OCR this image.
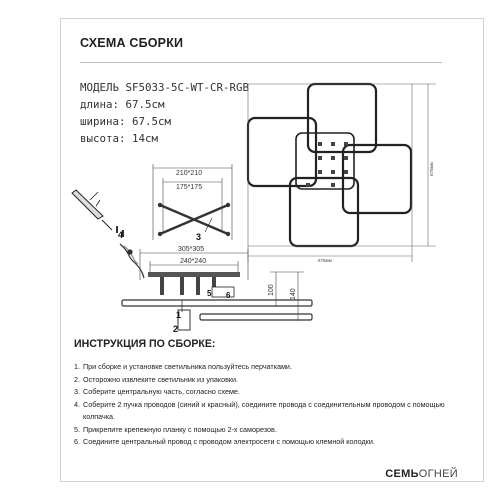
СХЕМА СБОРКИ
МОДЕЛЬ SF5033-5C-WT-CR-RGB
длина: 67.5см
ширина: 67.5см
высота: 14см
675мм
675мм
210*210
175*175
3
4
305*305
240*240
5 6	100 140
1
2
ИНСТРУКЦИЯ ПО СБОРКЕ:
1. При сборке и установке светильника пользуйтесь перчатками.
2. Осторожно извлеките светильник из упаковки.
3. Соберите центральную часть, согласно схеме.
4. Соберите 2 пучка проводов (синий и красный), соедините провода с соединительным проводом с помощью колпачка.
5. Прикрепите крепежную планку с помощью 2-х саморезов.
6. Соедините центральный провод с проводом электросети с помощью клемной колодки.
СЕМЬОГНЕЙ
